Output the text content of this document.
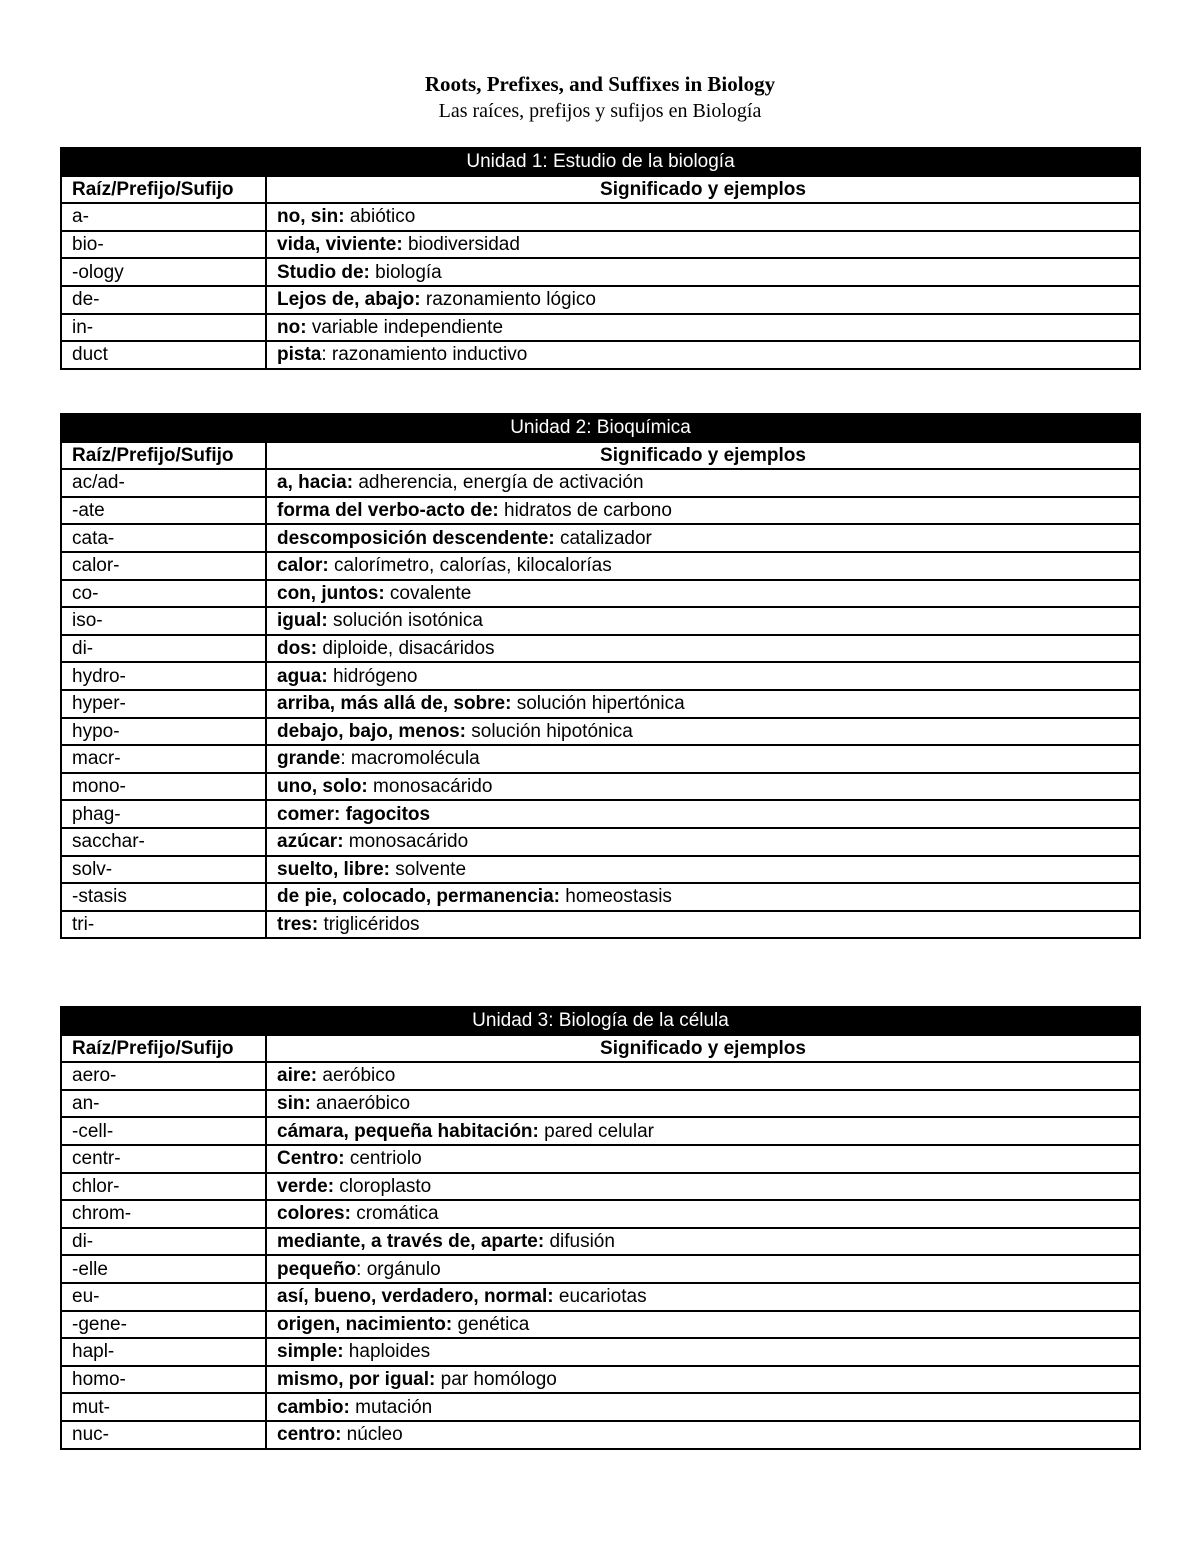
Roots, Prefixes, and Suffixes in Biology
Las raíces, prefijos y sufijos en Biología
Unidad 1: Estudio de la biología	
Raíz/Prefijo/Sufijo	Significado y ejemplos
a-	no, sin: abiótico
bio-	vida, viviente: biodiversidad
-ology	Studio de: biología
de-	Lejos de, abajo: razonamiento lógico
in-	no: variable independiente
duct	pista: razonamiento inductivo
Unidad 2: Bioquímica	
Raíz/Prefijo/Sufijo	Significado y ejemplos
ac/ad-	a, hacia: adherencia, energía de activación
-ate	forma del verbo-acto de: hidratos de carbono
cata-	descomposición descendente: catalizador
calor-	calor: calorímetro, calorías, kilocalorías
co-	con, juntos: covalente
iso-	igual: solución isotónica
di-	dos: diploide, disacáridos
hydro-	agua: hidrógeno
hyper-	arriba, más allá de, sobre: solución hipertónica
hypo-	debajo, bajo, menos: solución hipotónica
macr-	grande: macromolécula
mono-	uno, solo: monosacárido
phag-	comer: fagocitos
sacchar-	azúcar: monosacárido
solv-	suelto, libre: solvente
-stasis	de pie, colocado, permanencia: homeostasis
tri-	tres: triglicéridos
Unidad 3: Biología de la célula	
Raíz/Prefijo/Sufijo	Significado y ejemplos
aero-	aire: aeróbico
an-	sin: anaeróbico
-cell-	cámara, pequeña habitación: pared celular
centr-	Centro: centriolo
chlor-	verde: cloroplasto
chrom-	colores: cromática
di-	mediante, a través de, aparte: difusión
-elle	pequeño: orgánulo
eu-	así, bueno, verdadero, normal: eucariotas
-gene-	origen, nacimiento: genética
hapl-	simple: haploides
homo-	mismo, por igual: par homólogo
mut-	cambio: mutación
nuc-	centro: núcleo
